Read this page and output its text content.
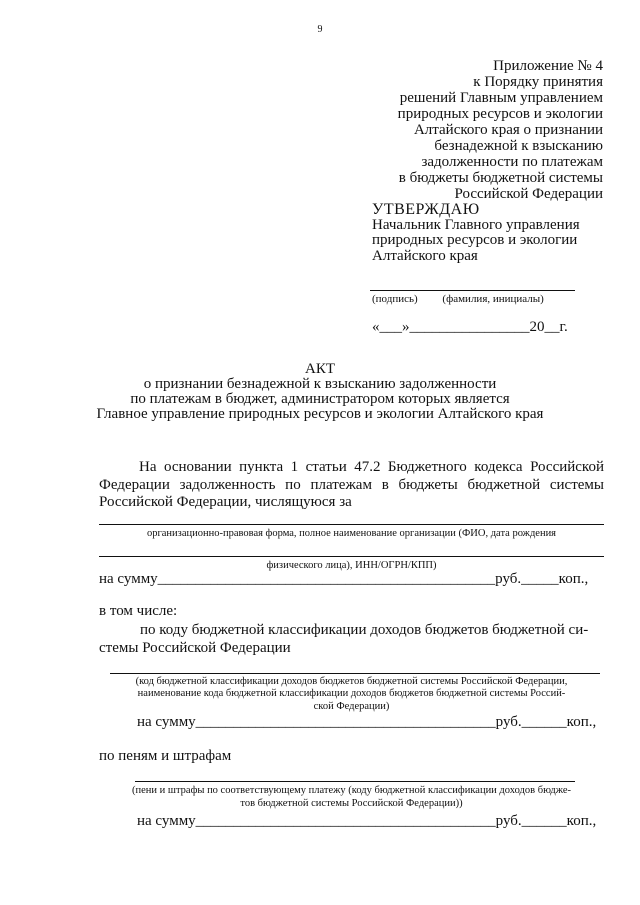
9
Приложение № 4
к Порядку принятия
решений Главным управлением
природных ресурсов и экологии
Алтайского края о признании
безнадежной к взысканию
задолженности по платежам
в бюджеты бюджетной системы
Российской Федерации
УТВЕРЖДАЮ
Начальник Главного управления
природных ресурсов и экологии
Алтайского края
(подпись) (фамилия, инициалы)
«___»________________20__г.
АКТ
о признании безнадежной к взысканию задолженности
по платежам в бюджет, администратором которых является
Главное управление природных ресурсов и экологии Алтайского края
На основании пункта 1 статьи 47.2 Бюджетного кодекса Российской Федерации задолженность по платежам в бюджеты бюджетной системы Российской Федерации, числящуюся за
организационно-правовая форма, полное наименование организации (ФИО, дата рождения
физического лица), ИНН/ОГРН/КПП)
на сумму_____________________________________________руб._____коп.,
в том числе:
по коду бюджетной классификации доходов бюджетов бюджетной си-
стемы Российской Федерации
(код бюджетной классификации доходов бюджетов бюджетной системы Российской Федерации,
наименование кода бюджетной классификации доходов бюджетов бюджетной системы Россий-
ской Федерации)
на сумму________________________________________руб.______коп.,
по пеням и штрафам
(пени и штрафы по соответствующему платежу (коду бюджетной классификации доходов бюдже-
тов бюджетной системы Российской Федерации))
на сумму________________________________________руб.______коп.,
